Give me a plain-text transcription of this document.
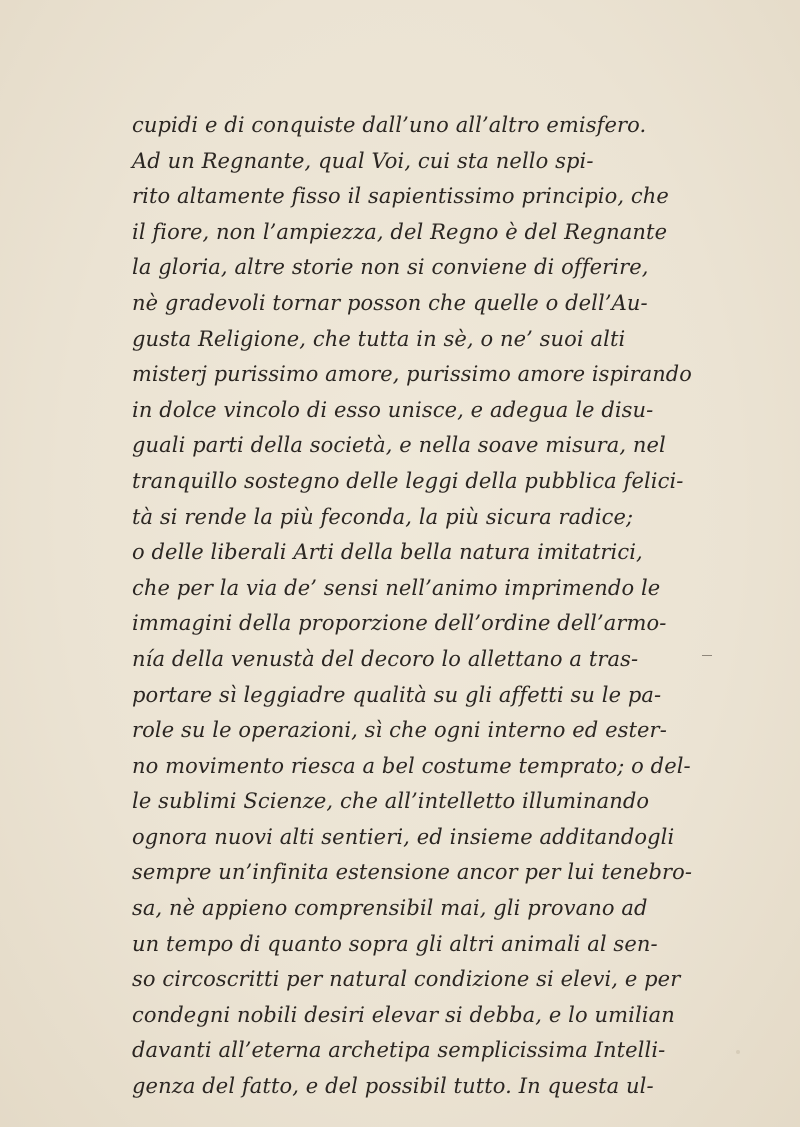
cupidi e di conquiste dall’uno all’altro emisfero.
Ad un Regnante, qual Voi, cui sta nello spi-
rito altamente fisso il sapientissimo principio, che
il fiore, non l’ampiezza, del Regno è del Regnante
la gloria, altre storie non si conviene di offerire,
nè gradevoli tornar posson che quelle o dell’Au-
gusta Religione, che tutta in sè, o ne’ suoi alti
misterj purissimo amore, purissimo amore ispirando
in dolce vincolo di esso unisce, e adegua le disu-
guali parti della società, e nella soave misura, nel
tranquillo sostegno delle leggi della pubblica felici-
tà si rende la più feconda, la più sicura radice;
o delle liberali Arti della bella natura imitatrici,
che per la via de’ sensi nell’animo imprimendo le
immagini della proporzione dell’ordine dell’armo-
nía della venustà del decoro lo allettano a tras-
portare sì leggiadre qualità su gli affetti su le pa-
role su le operazioni, sì che ogni interno ed ester-
no movimento riesca a bel costume temprato; o del-
le sublimi Scienze, che all’intelletto illuminando
ognora nuovi alti sentieri, ed insieme additandogli
sempre un’infinita estensione ancor per lui tenebro-
sa, nè appieno comprensibil mai, gli provano ad
un tempo di quanto sopra gli altri animali al sen-
so circoscritti per natural condizione si elevi, e per
condegni nobili desiri elevar si debba, e lo umilian
davanti all’eterna archetipa semplicissima Intelli-
genza del fatto, e del possibil tutto. In questa ul-
